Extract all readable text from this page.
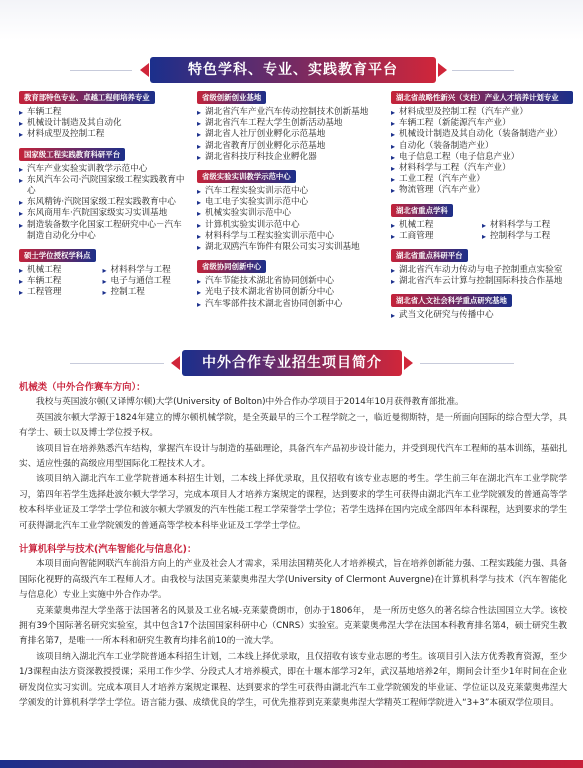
特色学科、专业、实践教育平台
教育部特色专业、卓越工程师培养专业
▸ 车辆工程
▸ 机械设计制造及其自动化
▸ 材料成型及控制工程
国家级工程实践教育科研平台
▸ 汽车产业实验实训教学示范中心
▸ 东风汽车公司·汽院国家级工程实践教育中心
▸ 东风精铸·汽院国家级工程实践教育中心
▸ 东风商用车·汽院国家级实习实训基地
▸ 制造装备数字化国家工程研究中心－汽车制造自动化分中心
硕士学位授权学科点
▸ 机械工程	▸ 材料科学与工程
▸ 车辆工程	▸ 电子与通信工程
▸ 工程管理	▸ 控制工程
省级创新创业基地
▸ 湖北省汽车产业汽车传动控制技术创新基地
▸ 湖北省汽车工程大学生创新活动基地
▸ 湖北省人社厅创业孵化示范基地
▸ 湖北省教育厅创业孵化示范基地
▸ 湖北省科技厅科技企业孵化器
省级实验实训教学示范中心
▸ 汽车工程实验实训示范中心
▸ 电工电子实验实训示范中心
▸ 机械实验实训示范中心
▸ 计算机实验实训示范中心
▸ 材料科学与工程实验实训示范中心
▸ 湖北双鸥汽车饰件有限公司实习实训基地
省级协同创新中心
▸ 汽车节能技术湖北省协同创新中心
▸ 光电子技术湖北省协同创新分中心
▸ 汽车零部件技术湖北省协同创新中心
湖北省战略性新兴（支柱）产业人才培养计划专业
▸ 材料成型及控制工程（汽车产业）
▸ 车辆工程（新能源汽车产业）
▸ 机械设计制造及其自动化（装备制造产业）
▸ 自动化（装备制造产业）
▸ 电子信息工程（电子信息产业）
▸ 材料科学与工程（汽车产业）
▸ 工业工程（汽车产业）
▸ 物流管理（汽车产业）
湖北省重点学科
▸ 机械工程	▸ 材料科学与工程
▸ 工商管理	▸ 控制科学与工程
湖北省重点科研平台
▸ 湖北省汽车动力传动与电子控制重点实验室
▸ 湖北省汽车云计算与控制国际科技合作基地
湖北省人文社会科学重点研究基地
▸ 武当文化研究与传播中心
中外合作专业招生项目简介
机械类（中外合作赛车方向）：

我校与英国波尔顿(又译博尔顿)大学(University of Bolton)中外合作办学项目于2014年10月获得教育部批准。

英国波尔顿大学源于1824年建立的博尔顿机械学院，是全英最早的三个工程学院之一，临近曼彻斯特，是一所面向国际的综合型大学，具有学士、硕士以及博士学位授予权。

该项目旨在培养熟悉汽车结构，掌握汽车设计与制造的基础理论，具备汽车产品初步设计能力，并受到现代汽车工程师的基本训练，基础扎实、适应性强的高级应用型国际化工程技术人才。

该项目纳入湖北汽车工业学院普通本科招生计划，二本线上择优录取，且仅招收有该专业志愿的考生。学生前三年在湖北汽车工业学院学习，第四年若学生选择赴波尔顿大学学习，完成本项目人才培养方案规定的课程，达到要求的学生可获得由湖北汽车工业学院颁发的普通高等学校本科毕业证及工学学士学位和波尔顿大学颁发的汽车性能工程工学荣誉学士学位；若学生选择在国内完成全部四年本科课程，达到要求的学生可获得湖北汽车工业学院颁发的普通高等学校本科毕业证及工学学士学位。

计算机科学与技术(汽车智能化与信息化)：

本项目面向智能网联汽车前沿方向上的产业及社会人才需求，采用法国精英化人才培养模式，旨在培养创新能力强、工程实践能力强、具备国际化视野的高级汽车工程师人才。由我校与法国克莱蒙奥弗涅大学(University of Clermont Auvergne)在计算机科学与技术（汽车智能化与信息化）专业上实施中外合作办学。

克莱蒙奥弗涅大学坐落于法国著名的风景及工业名城-克莱蒙费朗市，创办于1806年， 是一所历史悠久的著名综合性法国国立大学。该校拥有39个国际著名研究实验室，其中包含17个法国国家科研中心（CNRS）实验室。克莱蒙奥弗涅大学在法国本科教育排名第4，硕士研究生教育排名第7，是唯一一所本科和研究生教育均排名前10的一流大学。

该项目纳入湖北汽车工业学院普通本科招生计划，二本线上择优录取，且仅招收有该专业志愿的考生。该项目引入法方优秀教育资源，至少1/3课程由法方资深教授授课；采用工作少学、分段式人才培养模式，即在十堰本部学习2年，武汉基地培养2年，期间会计至少1年时间在企业研发岗位实习实训。完成本项目人才培养方案规定课程、达到要求的学生可获得由湖北汽车工业学院颁发的毕业证、学位证以及克莱蒙奥弗涅大学颁发的计算机科学学士学位。语言能力强、成绩优良的学生，可优先推荐到克莱蒙奥弗涅大学精英工程师学院进入“3+3”本硕双学位项目。
